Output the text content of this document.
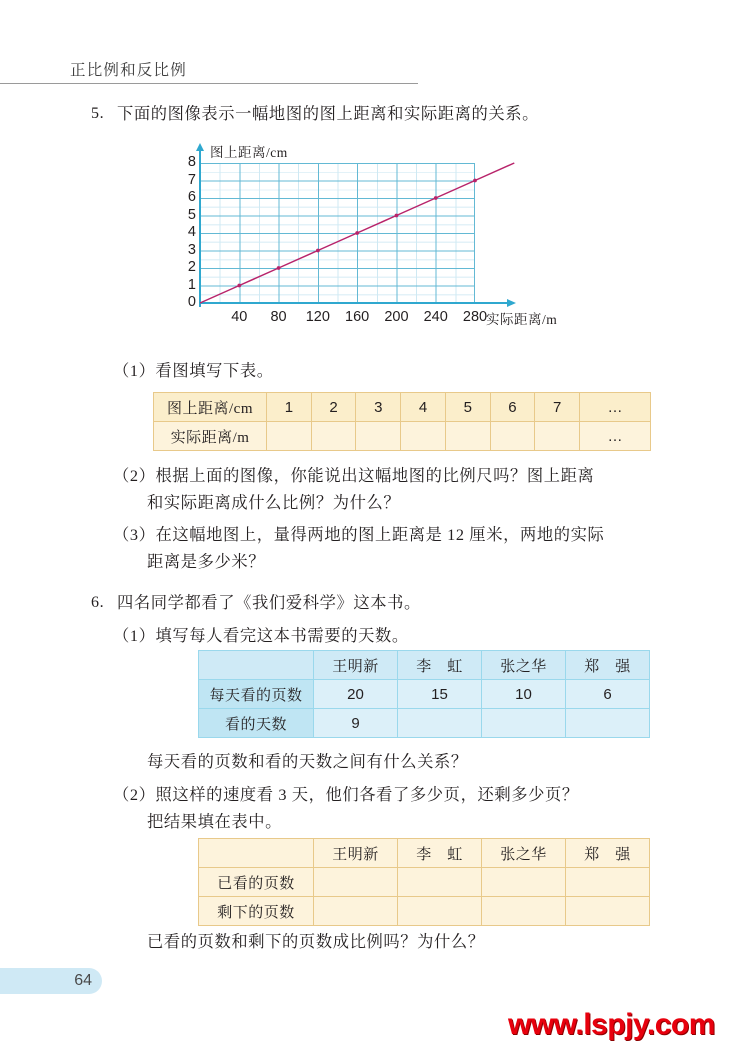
正比例和反比例
5. 下面的图像表示一幅地图的图上距离和实际距离的关系。
图上距离/cm
实际距离/m
0
1
2
3
4
5
6
7
8
40	80	120	160	200	240	280
（1）看图填写下表。
图上距离/cm	1	2	3	4	5	6	7	…
实际距离/m								…
（2）根据上面的图像，你能说出这幅地图的比例尺吗？图上距离
和实际距离成什么比例？为什么？
（3）在这幅地图上，量得两地的图上距离是 12 厘米，两地的实际
距离是多少米？
6. 四名同学都看了《我们爱科学》这本书。
（1）填写每人看完这本书需要的天数。
	王明新	李　虹	张之华	郑　强
每天看的页数	20	15	10	6
看的天数	9			
每天看的页数和看的天数之间有什么关系？
（2）照这样的速度看 3 天，他们各看了多少页，还剩多少页？
把结果填在表中。
	王明新	李　虹	张之华	郑　强
已看的页数				
剩下的页数				
已看的页数和剩下的页数成比例吗？为什么？
64
www.lspjy.com
